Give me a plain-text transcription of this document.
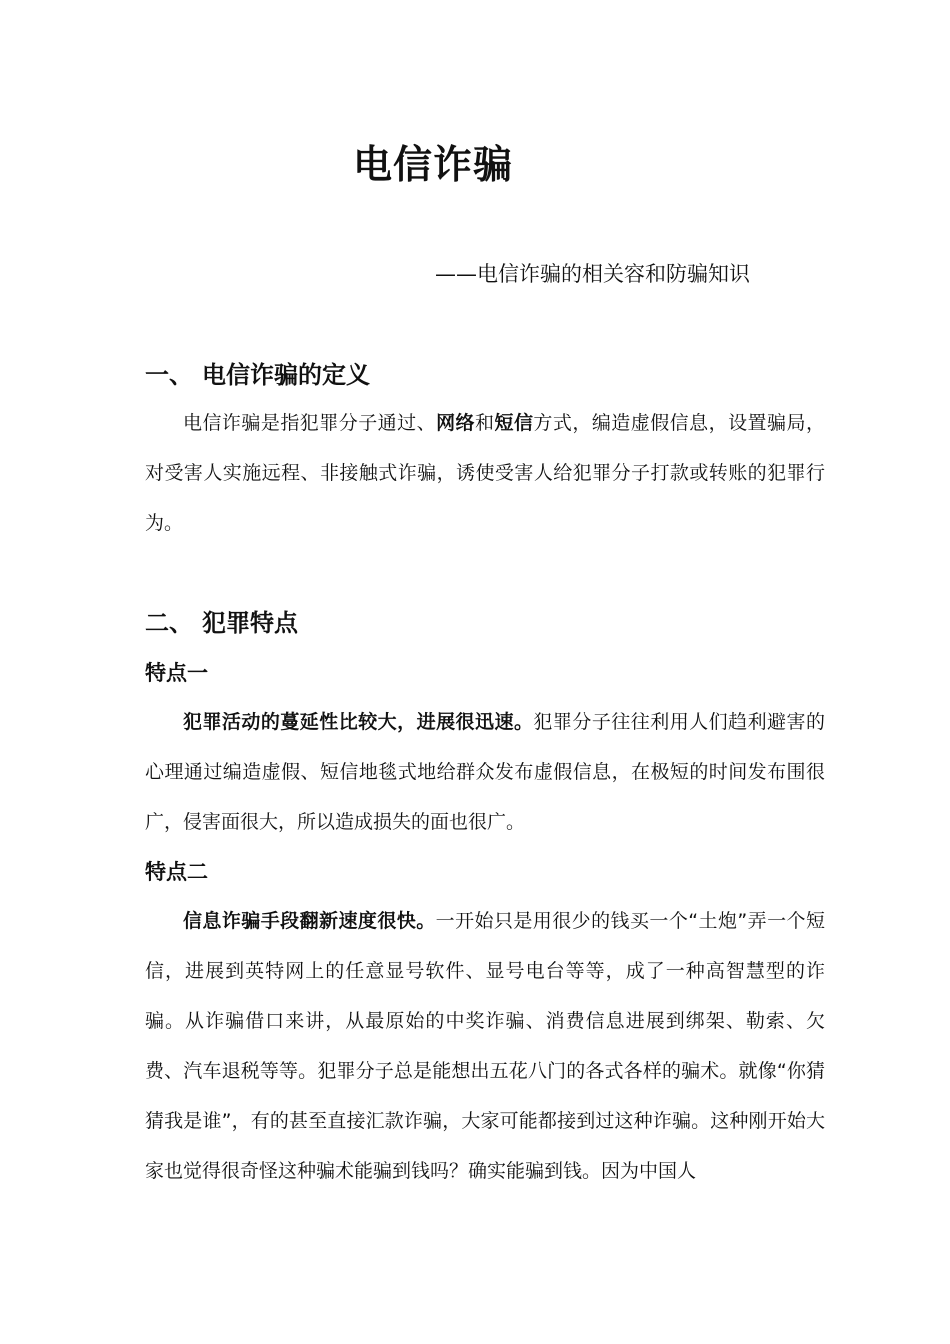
电信诈骗
——电信诈骗的相关容和防骗知识
一、 电信诈骗的定义
电信诈骗是指犯罪分子通过、网络和短信方式，编造虚假信息，设置骗局，对受害人实施远程、非接触式诈骗，诱使受害人给犯罪分子打款或转账的犯罪行为。
二、 犯罪特点
特点一
犯罪活动的蔓延性比较大，进展很迅速。犯罪分子往往利用人们趋利避害的心理通过编造虚假、短信地毯式地给群众发布虚假信息，在极短的时间发布围很广，侵害面很大，所以造成损失的面也很广。
特点二
信息诈骗手段翻新速度很快。一开始只是用很少的钱买一个“土炮”弄一个短信，进展到英特网上的任意显号软件、显号电台等等，成了一种高智慧型的诈骗。从诈骗借口来讲，从最原始的中奖诈骗、消费信息进展到绑架、勒索、欠费、汽车退税等等。犯罪分子总是能想出五花八门的各式各样的骗术。就像“你猜猜我是谁”，有的甚至直接汇款诈骗，大家可能都接到过这种诈骗。这种刚开始大家也觉得很奇怪这种骗术能骗到钱吗？确实能骗到钱。因为中国人
